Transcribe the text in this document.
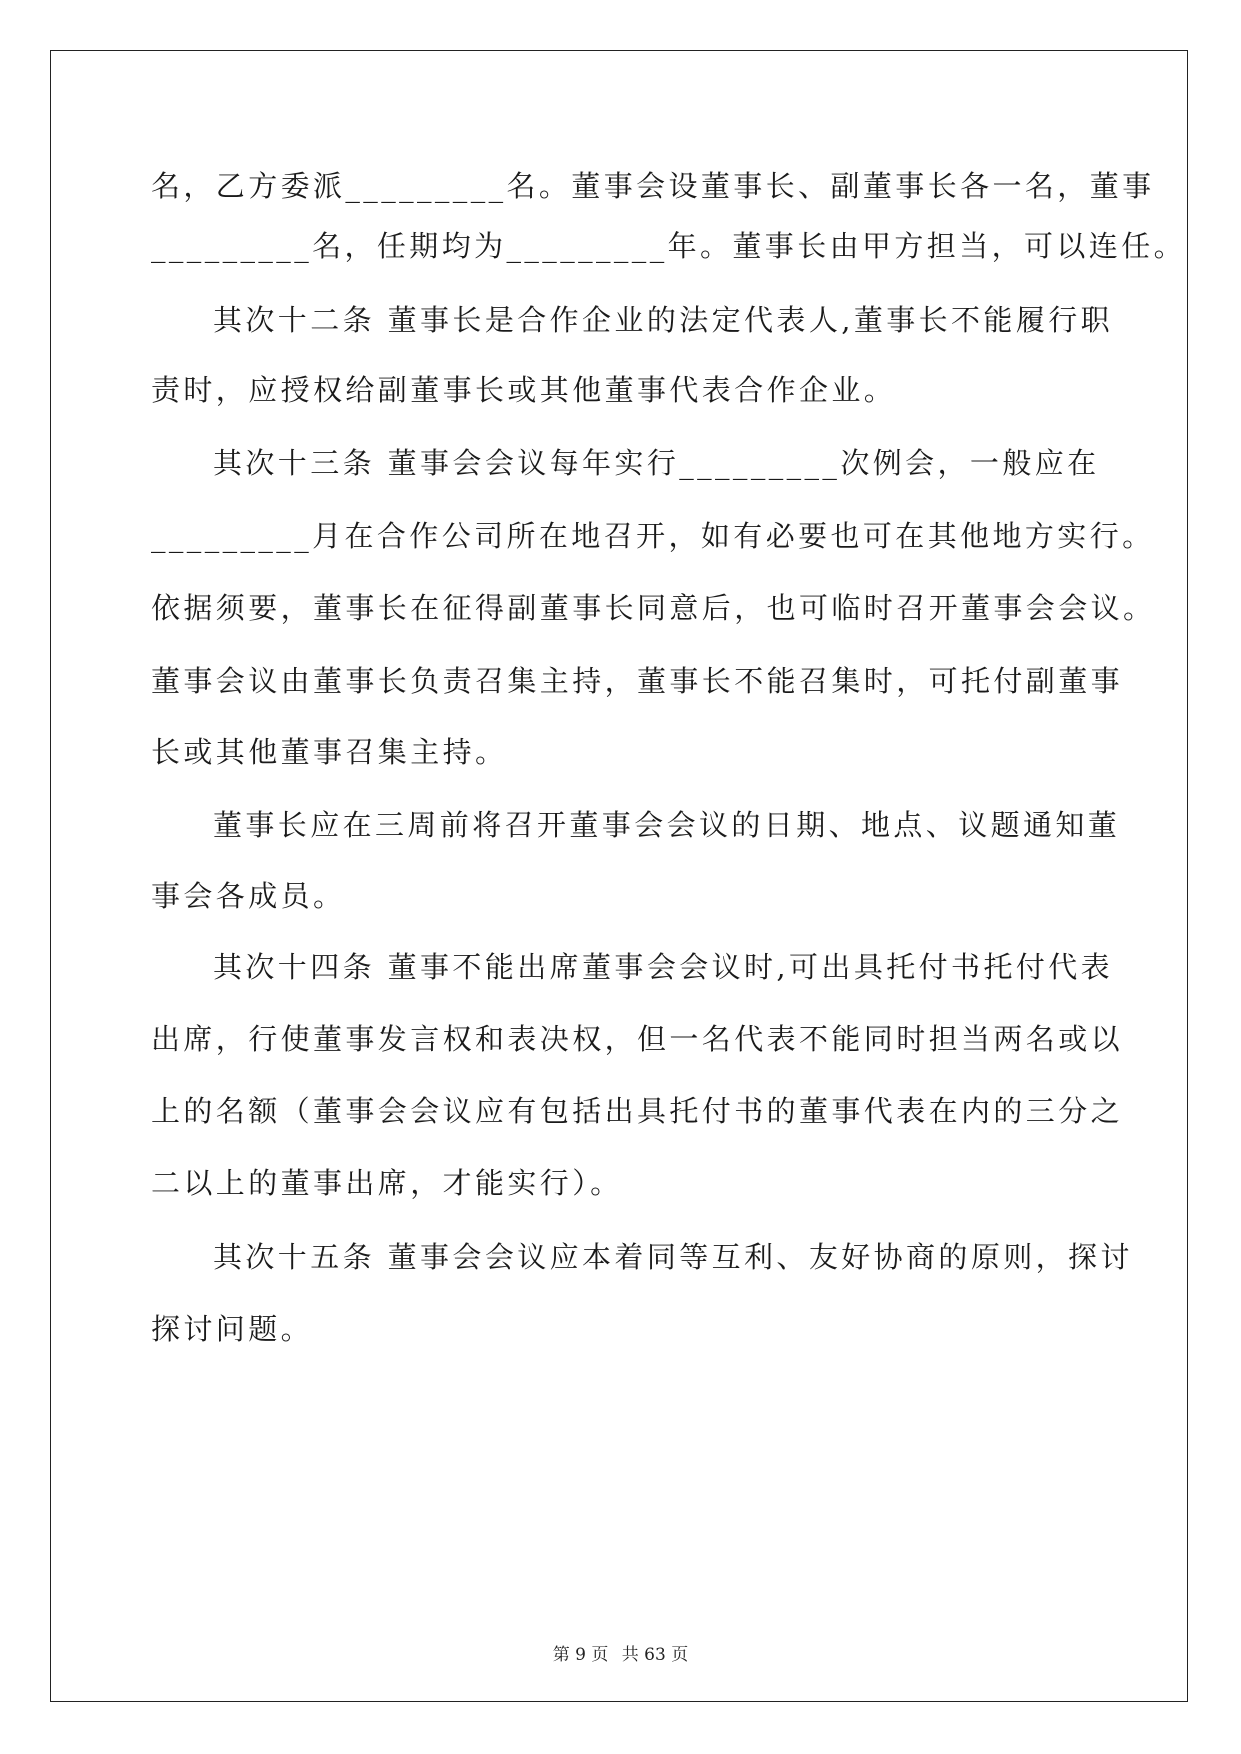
名，乙方委派_________名。董事会设董事长、副董事长各一名，董事
_________名，任期均为_________年。董事长由甲方担当，可以连任。
其次十二条 董事长是合作企业的法定代表人,董事长不能履行职
责时，应授权给副董事长或其他董事代表合作企业。
其次十三条 董事会会议每年实行_________次例会，一般应在
_________月在合作公司所在地召开，如有必要也可在其他地方实行。
依据须要，董事长在征得副董事长同意后，也可临时召开董事会会议。
董事会议由董事长负责召集主持，董事长不能召集时，可托付副董事
长或其他董事召集主持。
董事长应在三周前将召开董事会会议的日期、地点、议题通知董
事会各成员。
其次十四条 董事不能出席董事会会议时,可出具托付书托付代表
出席，行使董事发言权和表决权，但一名代表不能同时担当两名或以
上的名额（董事会会议应有包括出具托付书的董事代表在内的三分之
二以上的董事出席，才能实行）。
其次十五条 董事会会议应本着同等互利、友好协商的原则，探讨
探讨问题。
第 9 页 共 63 页
